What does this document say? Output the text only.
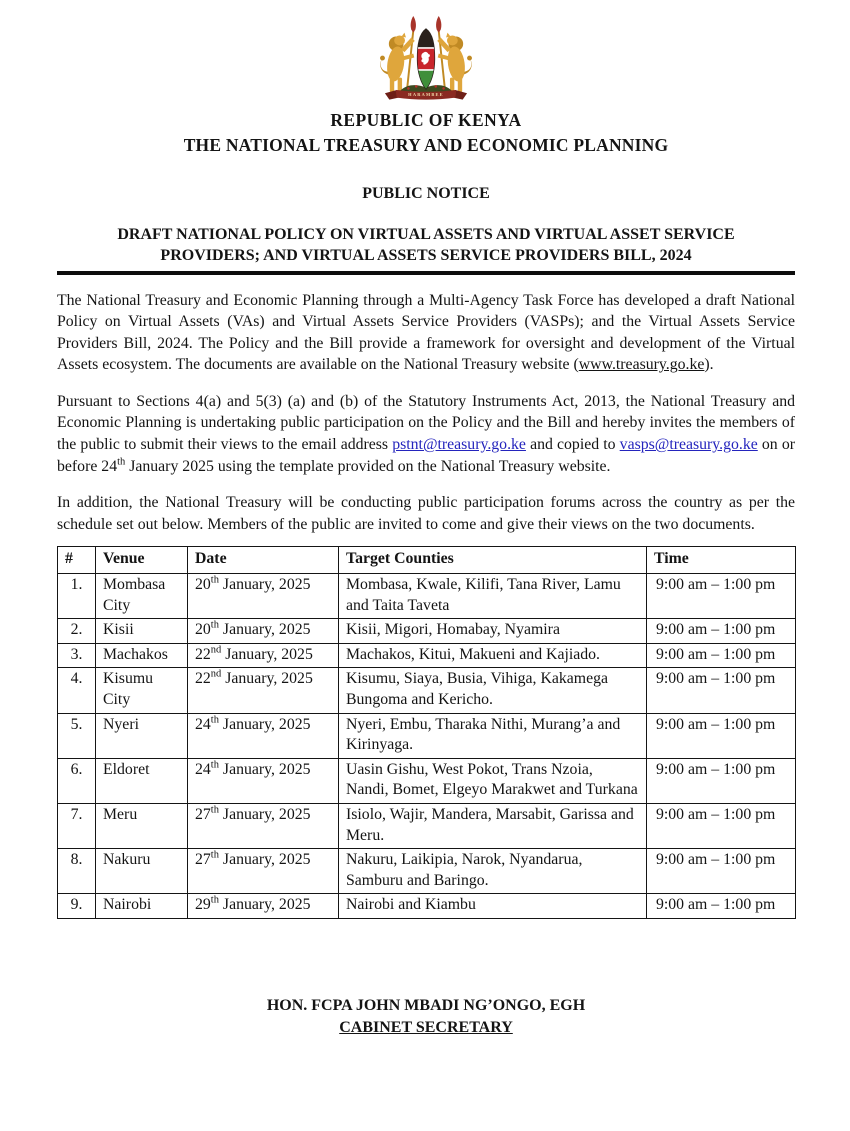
HARAMBEE
REPUBLIC OF KENYA
THE NATIONAL TREASURY AND ECONOMIC PLANNING
PUBLIC NOTICE
DRAFT NATIONAL POLICY ON VIRTUAL ASSETS AND VIRTUAL ASSET SERVICE
PROVIDERS; AND VIRTUAL ASSETS SERVICE PROVIDERS BILL, 2024

The National Treasury and Economic Planning through a Multi-Agency Task Force has developed a draft National Policy on Virtual Assets (VAs) and Virtual Assets Service Providers (VASPs); and the Virtual Assets Service Providers Bill, 2024. The Policy and the Bill provide a framework for oversight and development of the Virtual Assets ecosystem. The documents are available on the National Treasury website (www.treasury.go.ke).

Pursuant to Sections 4(a) and 5(3) (a) and (b) of the Statutory Instruments Act, 2013, the National Treasury and Economic Planning is undertaking public participation on the Policy and the Bill and hereby invites the members of the public to submit their views to the email address pstnt@treasury.go.ke and copied to vasps@treasury.go.ke on or before 24th January 2025 using the template provided on the National Treasury website.

In addition, the National Treasury will be conducting public participation forums across the country as per the schedule set out below. Members of the public are invited to come and give their views on the two documents.

#	Venue	Date	Target Counties	Time
1.	Mombasa City	20th January, 2025	Mombasa, Kwale, Kilifi, Tana River, Lamu and Taita Taveta	9:00 am – 1:00 pm
2.	Kisii	20th January, 2025	Kisii, Migori, Homabay, Nyamira	9:00 am – 1:00 pm
3.	Machakos	22nd January, 2025	Machakos, Kitui, Makueni and Kajiado.	9:00 am – 1:00 pm
4.	Kisumu City	22nd January, 2025	Kisumu, Siaya, Busia, Vihiga, Kakamega Bungoma and Kericho.	9:00 am – 1:00 pm
5.	Nyeri	24th January, 2025	Nyeri, Embu, Tharaka Nithi, Murang’a and Kirinyaga.	9:00 am – 1:00 pm
6.	Eldoret	24th January, 2025	Uasin Gishu, West Pokot, Trans Nzoia, Nandi, Bomet, Elgeyo Marakwet and Turkana	9:00 am – 1:00 pm
7.	Meru	27th January, 2025	Isiolo, Wajir, Mandera, Marsabit, Garissa and Meru.	9:00 am – 1:00 pm
8.	Nakuru	27th January, 2025	Nakuru, Laikipia, Narok, Nyandarua, Samburu and Baringo.	9:00 am – 1:00 pm
9.	Nairobi	29th January, 2025	Nairobi and Kiambu	9:00 am – 1:00 pm
HON. FCPA JOHN MBADI NG’ONGO, EGH
CABINET SECRETARY
